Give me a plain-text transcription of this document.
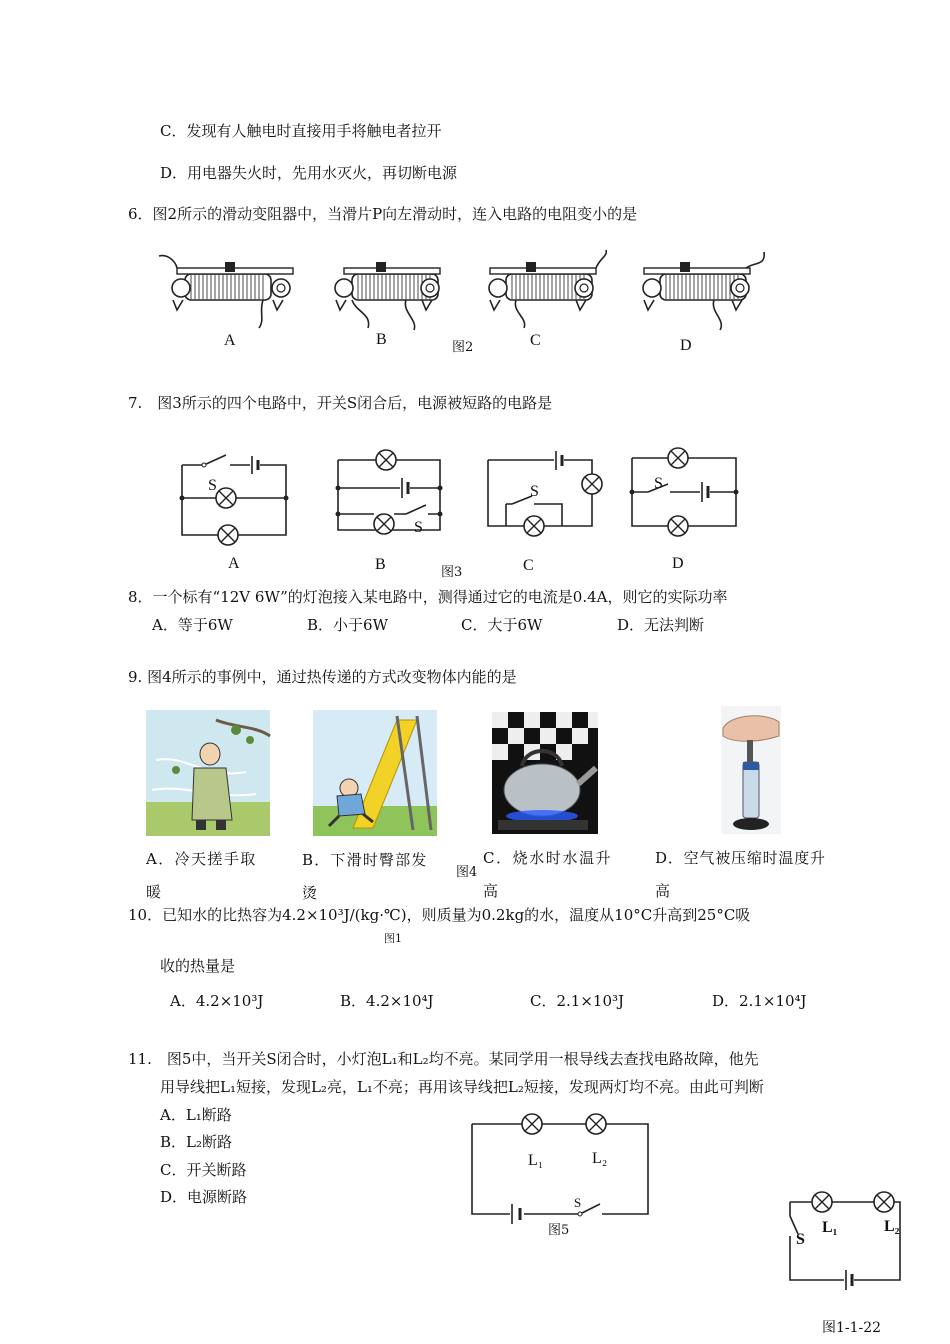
C．发现有人触电时直接用手将触电者拉开
D．用电器失火时，先用水灭火，再切断电源
6．图2所示的滑动变阻器中，当滑片P向左滑动时，连入电路的电阻变小的是
A	B	图2	C	D
7.　图3所示的四个电路中，开关S闭合后，电源被短路的电路是
S
A
S
B	图3
S
C
S
D
8．一个标有“12V 6W”的灯泡接入某电路中，测得通过它的电流是0.4A，则它的实际功率
A．等于6W	B．小于6W	C．大于6W	D．无法判断
9. 图4所示的事例中，通过热传递的方式改变物体内能的是
A．冷天搓手取
暖
B．下滑时臀部发
烫
图4
C．烧水时水温升
高
D．空气被压缩时温度升
高
10．已知水的比热容为4.2×10³J/(kg·℃)，则质量为0.2kg的水，温度从10°C升高到25°C吸
图1
收的热量是
A．4.2×10³J	B．4.2×10⁴J	C．2.1×10³J	D．2.1×10⁴J
11.　图5中，当开关S闭合时，小灯泡L₁和L₂均不亮。某同学用一根导线去查找电路故障，他先
用导线把L₁短接，发现L₂亮，L₁不亮；再用该导线把L₂短接，发现两灯均不亮。由此可判断
A．L₁断路
B．L₂断路
C．开关断路
D．电源断路
L₁	L₂
S
图5	L₁	L₂
S
图1-1-22
